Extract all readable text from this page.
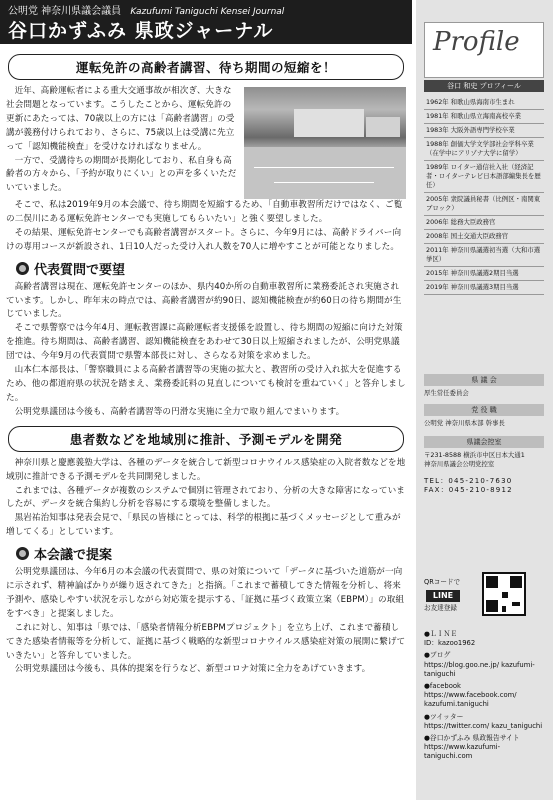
公明党 神奈川県議会議員 Kazufumi Taniguchi Kensei Journal
谷口かずふみ 県政ジャーナル
運転免許の高齢者講習、待ち期間の短縮を！

近年、高齢運転者による重大交通事故が相次ぎ、大きな社会問題となっています。こうしたことから、運転免許の更新にあたっては、70歳以上の方には「高齢者講習」の受講が義務付けられており、さらに、75歳以上は受講に先立って「認知機能検査」を受けなければなりません。

一方で、受講待ちの期間が長期化しており、私自身も高齢者の方々から、「予約が取りにくい」との声を多くいただいていました。

そこで、私は2019年9月の本会議で、待ち期間を短縮するため、「自動車教習所だけではなく、ご覧の二俣川にある運転免許センターでも実施してもらいたい」と強く要望しました。

その結果、運転免許センターでも高齢者講習がスタート。さらに、今年9月には、高齢ドライバー向けの専用コースが新設され、1日10人だった受け入れ人数を70人に増やすことが可能となりました。

代表質問で要望

高齢者講習は現在、運転免許センターのほか、県内40か所の自動車教習所に業務委託され実施されています。しかし、昨年末の時点では、高齢者講習が約90日、認知機能検査が約60日の待ち期間が生じていました。

そこで県警察では今年4月、運転教習課に高齢運転者支援係を設置し、待ち期間の短縮に向けた対策を推進。待ち期間は、高齢者講習、認知機能検査をあわせて30日以上短縮されましたが、公明党県議団では、今年9月の代表質問で県警本部長に対し、さらなる対策を求めました。

山本仁本部長は、「警察職員による高齢者講習等の実施の拡大と、教習所の受け入れ拡大を促進するため、他の都道府県の状況を踏まえ、業務委託料の見直しについても検討を重ねていく」と答弁しました。

公明党県議団は今後も、高齢者講習等の円滑な実施に全力で取り組んでまいります。

患者数などを地域別に推計、予測モデルを開発

神奈川県と慶應義塾大学は、各種のデータを統合して新型コロナウイルス感染症の入院者数などを地域別に推計できる予測モデルを共同開発しました。

これまでは、各種データが複数のシステムで個別に管理されており、分析の大きな障害になっていましたが、データを統合集約し分析を容易にする環境を整備しました。

黒岩祐治知事は発表会見で、「県民の皆様にとっては、科学的根拠に基づくメッセージとして重みが増してくる」としています。

本会議で提案

公明党県議団は、今年6月の本会議の代表質問で、県の対策について「データに基づいた道筋が一向に示されず、精神論ばかりが繰り返されてきた」と指摘。「これまで蓄積してきた情報を分析し、将来予測や、感染しやすい状況を示しながら対応策を提示する、「証拠に基づく政策立案（EBPM）」の取組をすべき」と提案しました。

これに対し、知事は「県では、「感染者情報分析EBPMプロジェクト」を立ち上げ、これまで蓄積してきた感染者情報等を分析して、証拠に基づく戦略的な新型コロナウイルス感染症対策の展開に繋げていきたい」と答弁していました。

公明党県議団は今後も、具体的提案を行うなど、新型コロナ対策に全力をあげていきます。

Profile
谷口 和史 プロフィール
1962年 和歌山県海南市生まれ
1981年 和歌山県立海南高校卒業
1983年 大阪外語専門学校卒業
1988年 創価大学文学部社会学科卒業（在学中にアリゾナ大学に留学）
1989年 ロイター通信社入社（経済記者・ロイターテレビ日本語部編集長を歴任）
2005年 衆院議員秘書（比例区・南関東ブロック）
2006年 総務大臣政務官
2008年 国土交通大臣政務官
2011年 神奈川県議選初当選（大和市選挙区）
2015年 神奈川県議選2期目当選
2019年 神奈川県議選3期目当選
県 議 会
厚生常任委員会
党 役 職
公明党 神奈川県本部 幹事長
県議会控室
〒231-8588 横浜市中区日本大通1
神奈川県議会公明党控室
TEL：045-210-7630
FAX：045-210-8912
QRコードで
LINE
お友達登録
●ＬＩＮＥ
ID：kazoo1962
●ブログ
https://blog.goo.ne.jp/ kazufumi-taniguchi
●facebook
https://www.facebook.com/ kazufumi.taniguchi
●ツイッター
https://twitter.com/ kazu_taniguchi
●谷口かずふみ 県政報告サイト
https://www.kazufumi-taniguchi.com
